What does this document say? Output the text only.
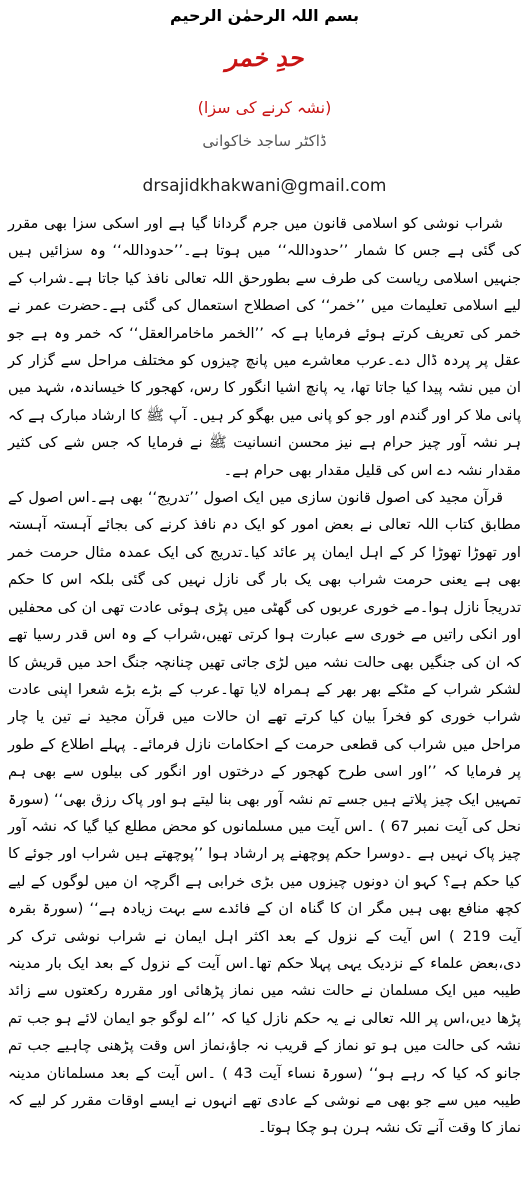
بسم اللہ الرحمٰن الرحیم
حدِ خمر
(نشہ کرنے کی سزا)
ڈاکٹر ساجد خاکوانی
drsajidkhakwani@gmail.com

شراب نوشی کو اسلامی قانون میں جرم گردانا گیا ہے اور اسکی سزا بھی مقرر کی گئی ہے جس کا شمار ’’حدوداللہ‘‘ میں ہوتا ہے۔’’حدوداللہ‘‘ وہ سزائیں ہیں جنہیں اسلامی ریاست کی طرف سے بطورحق اللہ تعالی نافذ کیا جاتا ہے۔شراب کے لیے اسلامی تعلیمات میں ’’خمر‘‘ کی اصطلاح استعمال کی گئی ہے۔حضرت عمر نے خمر کی تعریف کرتے ہوئے فرمایا ہے کہ ’’الخمر ماخامرالعقل‘‘ کہ خمر وہ ہے جو عقل پر پردہ ڈال دے۔عرب معاشرے میں پانچ چیزوں کو مختلف مراحل سے گزار کر ان میں نشہ پیدا کیا جاتا تھا، یہ پانچ اشیا انگور کا رس، کھجور کا خیساندہ، شہد میں پانی ملا کر اور گندم اور جو کو پانی میں بھگو کر ہیں۔ آپ ﷺ کا ارشاد مبارک ہے کہ ہر نشہ آور چیز حرام ہے نیز محسن انسانیت ﷺ نے فرمایا کہ جس شے کی کثیر مقدار نشہ دے اس کی قلیل مقدار بھی حرام ہے۔

قرآن مجید کی اصول قانون سازی میں ایک اصول ’’تدریج‘‘ بھی ہے۔اس اصول کے مطابق کتاب اللہ تعالی نے بعض امور کو ایک دم نافذ کرنے کی بجائے آہستہ آہستہ اور تھوڑا تھوڑا کر کے اہل ایمان پر عائد کیا۔تدریج کی ایک عمدہ مثال حرمت خمر بھی ہے یعنی حرمت شراب بھی یک بار گی نازل نہیں کی گئی بلکہ اس کا حکم تدریجاََ نازل ہوا۔مے خوری عربوں کی گھٹی میں پڑی ہوئی عادت تھی ان کی محفلیں اور انکی راتیں مے خوری سے عبارت ہوا کرتی تھیں،شراب کے وہ اس قدر رسیا تھے کہ ان کی جنگیں بھی حالت نشہ میں لڑی جاتی تھیں چنانچہ جنگ احد میں قریش کا لشکر شراب کے مٹکے بھر بھر کے ہمراہ لایا تھا۔عرب کے بڑے بڑے شعرا اپنی عادت شراب خوری کو فخراََ بیان کیا کرتے تھے ان حالات میں قرآن مجید نے تین یا چار مراحل میں شراب کی قطعی حرمت کے احکامات نازل فرمائے۔ پہلے اطلاع کے طور پر فرمایا کہ ’’اور اسی طرح کھجور کے درختوں اور انگور کی بیلوں سے بھی ہم تمہیں ایک چیز پلاتے ہیں جسے تم نشہ آور بھی بنا لیتے ہو اور پاک رزق بھی‘‘ (سورۃ نحل کی آیت نمبر 67 ) ۔اس آیت میں مسلمانوں کو محض مطلع کیا گیا کہ نشہ آور چیز پاک نہیں ہے ۔دوسرا حکم پوچھنے پر ارشاد ہوا ’’پوچھتے ہیں شراب اور جوئے کا کیا حکم ہے؟ کہو ان دونوں چیزوں میں بڑی خرابی ہے اگرچہ ان میں لوگوں کے لیے کچھ منافع بھی ہیں مگر ان کا گناہ ان کے فائدے سے بہت زیادہ ہے‘‘ (سورۃ بقرہ آیت 219 ) اس آیت کے نزول کے بعد اکثر اہل ایمان نے شراب نوشی ترک کر دی،بعض علماء کے نزدیک یہی پہلا حکم تھا۔اس آیت کے نزول کے بعد ایک بار مدینہ طیبہ میں ایک مسلمان نے حالت نشہ میں نماز پڑھائی اور مقررہ رکعتوں سے زائد پڑھا دیں،اس پر اللہ تعالی نے یہ حکم نازل کیا کہ ’’اے لوگو جو ایمان لائے ہو جب تم نشہ کی حالت میں ہو تو نماز کے قریب نہ جاؤ،نماز اس وقت پڑھنی چاہیے جب تم جانو کہ کیا کہ رہے ہو‘‘ (سورۃ نساء آیت 43 ) ۔اس آیت کے بعد مسلمانان مدینہ طیبہ میں سے جو بھی مے نوشی کے عادی تھے انہوں نے ایسے اوقات مقرر کر لیے کہ نماز کا وقت آنے تک نشہ ہرن ہو چکا ہوتا۔
